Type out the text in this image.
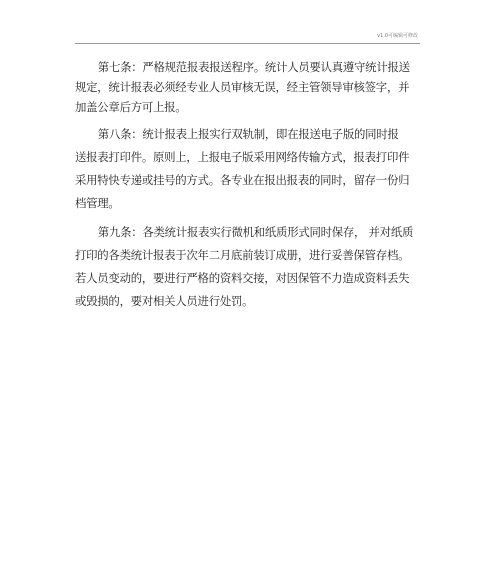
v1.0可编辑可修改

第七条：严格规范报表报送程序。统计人员要认真遵守统计报送
规定，统计报表必须经专业人员审核无误，经主管领导审核签字，并
加盖公章后方可上报。

第八条：统计报表上报实行双轨制，即在报送电子版的同时报
送报表打印件。原则上，上报电子版采用网络传输方式，报表打印件
采用特快专递或挂号的方式。各专业在报出报表的同时，留存一份归
档管理。

第九条：各类统计报表实行微机和纸质形式同时保存， 并对纸质
打印的各类统计报表于次年二月底前装订成册，进行妥善保管存档。
若人员变动的，要进行严格的资料交接，对因保管不力造成资料丢失
或毁损的，要对相关人员进行处罚。
